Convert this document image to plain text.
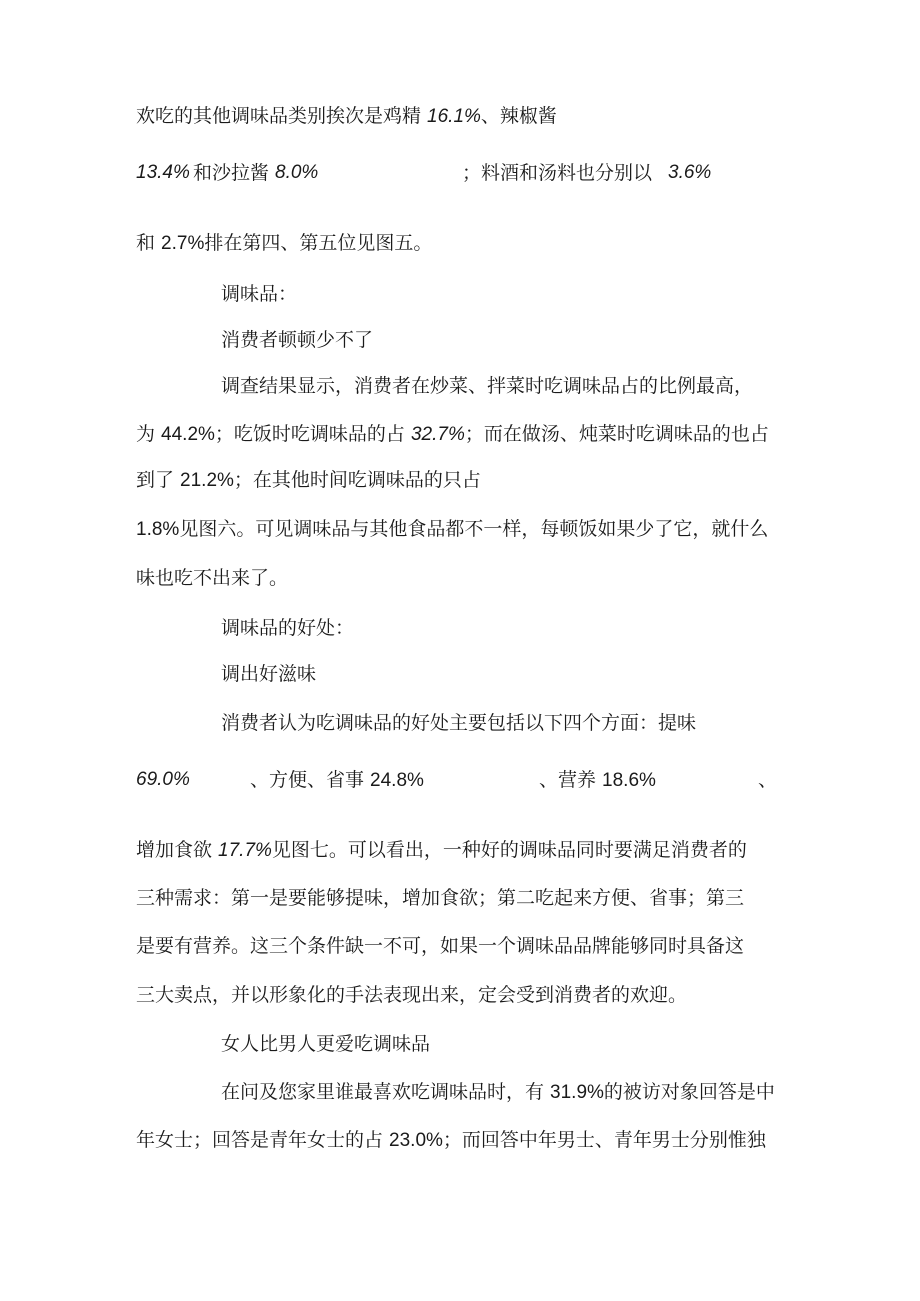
欢吃的其他调味品类别挨次是鸡精 16.1%、辣椒酱
13.4% 和沙拉酱 8.0%	；料酒和汤料也分别以 3.6%
和 2.7%排在第四、第五位见图五。
调味品：
消费者顿顿少不了
调查结果显示，消费者在炒菜、拌菜时吃调味品占的比例最高，
为 44.2%；吃饭时吃调味品的占 32.7%；而在做汤、炖菜时吃调味品的也占
到了 21.2%；在其他时间吃调味品的只占
1.8%见图六。可见调味品与其他食品都不一样，每顿饭如果少了它，就什么
味也吃不出来了。
调味品的好处：
调出好滋味
消费者认为吃调味品的好处主要包括以下四个方面：提味
69.0%	、方便、省事 24.8%	、营养 18.6%	、
增加食欲 17.7%见图七。可以看出，一种好的调味品同时要满足消费者的
三种需求：第一是要能够提味，增加食欲；第二吃起来方便、省事；第三
是要有营养。这三个条件缺一不可，如果一个调味品品牌能够同时具备这
三大卖点，并以形象化的手法表现出来，定会受到消费者的欢迎。
女人比男人更爱吃调味品
在问及您家里谁最喜欢吃调味品时，有 31.9%的被访对象回答是中
年女士；回答是青年女士的占 23.0%；而回答中年男士、青年男士分别惟独
